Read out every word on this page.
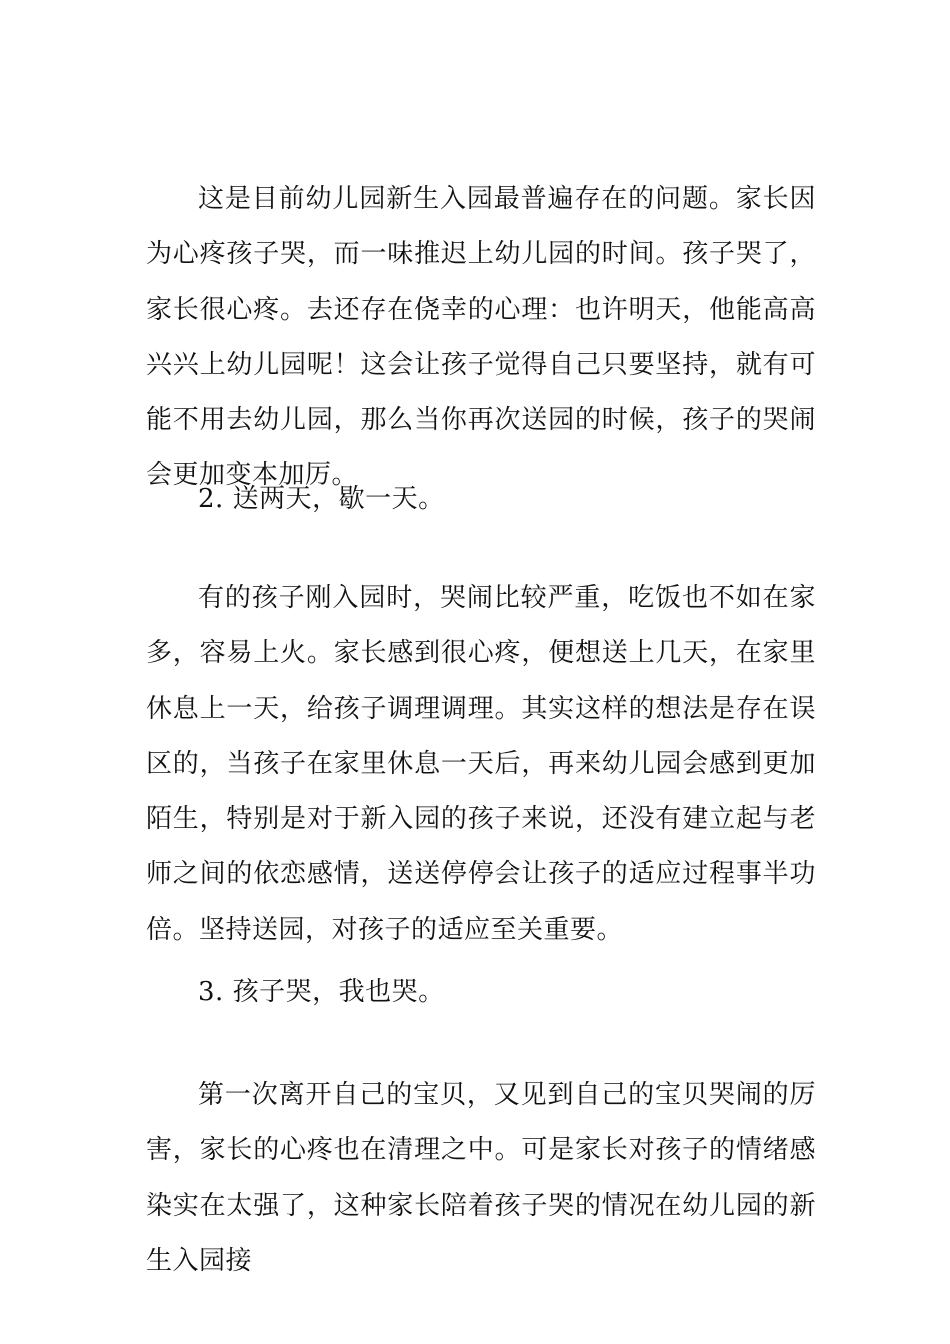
这是目前幼儿园新生入园最普遍存在的问题。家长因为心疼孩子哭，而一味推迟上幼儿园的时间。孩子哭了，家长很心疼。去还存在侥幸的心理：也许明天，他能高高兴兴上幼儿园呢！这会让孩子觉得自己只要坚持，就有可能不用去幼儿园，那么当你再次送园的时候，孩子的哭闹会更加变本加厉。

2. 送两天，歇一天。

有的孩子刚入园时，哭闹比较严重，吃饭也不如在家多，容易上火。家长感到很心疼，便想送上几天，在家里休息上一天，给孩子调理调理。其实这样的想法是存在误区的，当孩子在家里休息一天后，再来幼儿园会感到更加陌生，特别是对于新入园的孩子来说，还没有建立起与老师之间的依恋感情，送送停停会让孩子的适应过程事半功倍。坚持送园，对孩子的适应至关重要。

3. 孩子哭，我也哭。

第一次离开自己的宝贝，又见到自己的宝贝哭闹的厉害，家长的心疼也在清理之中。可是家长对孩子的情绪感染实在太强了，这种家长陪着孩子哭的情况在幼儿园的新生入园接
